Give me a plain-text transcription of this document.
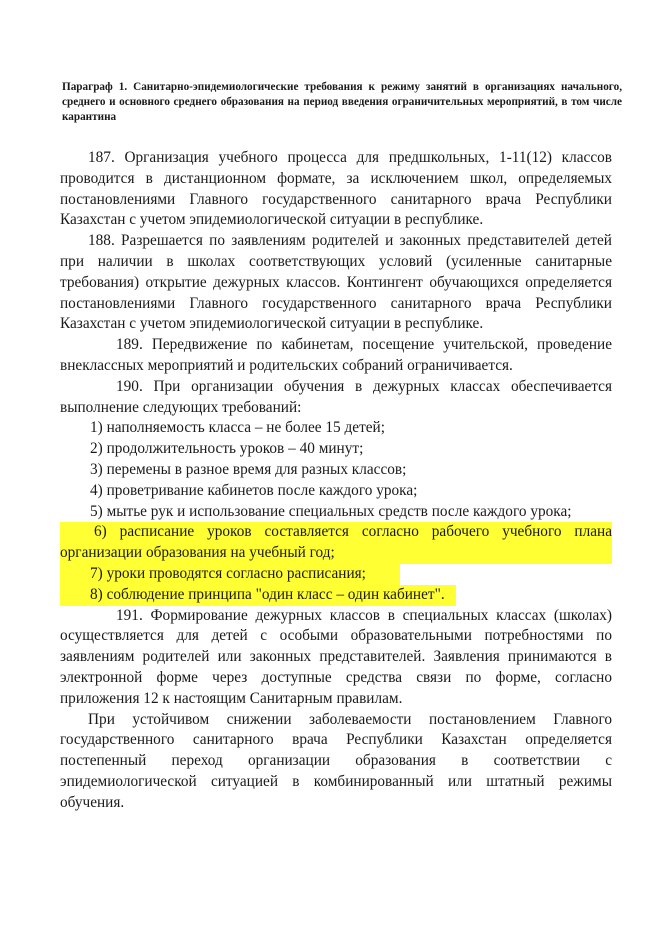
Параграф 1. Санитарно-эпидемиологические требования к режиму занятий в организациях начального, среднего и основного среднего образования на период введения ограничительных мероприятий, в том числе карантина

187. Организация учебного процесса для предшкольных, 1-11(12) классов проводится в дистанционном формате, за исключением школ, определяемых постановлениями Главного государственного санитарного врача Республики Казахстан с учетом эпидемиологической ситуации в республике.

188. Разрешается по заявлениям родителей и законных представителей детей при наличии в школах соответствующих условий (усиленные санитарные требования) открытие дежурных классов. Контингент обучающихся определяется постановлениями Главного государственного санитарного врача Республики Казахстан с учетом эпидемиологической ситуации в республике.

189. Передвижение по кабинетам, посещение учительской, проведение внеклассных мероприятий и родительских собраний ограничивается.

190. При организации обучения в дежурных классах обеспечивается выполнение следующих требований:

1) наполняемость класса – не более 15 детей;

2) продолжительность уроков – 40 минут;

3) перемены в разное время для разных классов;

4) проветривание кабинетов после каждого урока;

5) мытье рук и использование специальных средств после каждого урока;

6) расписание уроков составляется согласно рабочего учебного плана организации образования на учебный год;

7) уроки проводятся согласно расписания;

8) соблюдение принципа "один класс – один кабинет".

191. Формирование дежурных классов в специальных классах (школах) осуществляется для детей с особыми образовательными потребностями по заявлениям родителей или законных представителей. Заявления принимаются в электронной форме через доступные средства связи по форме, согласно приложения 12 к настоящим Санитарным правилам.

При устойчивом снижении заболеваемости постановлением Главного государственного санитарного врача Республики Казахстан определяется постепенный переход организации образования в соответствии с эпидемиологической ситуацией в комбинированный или штатный режимы обучения.
